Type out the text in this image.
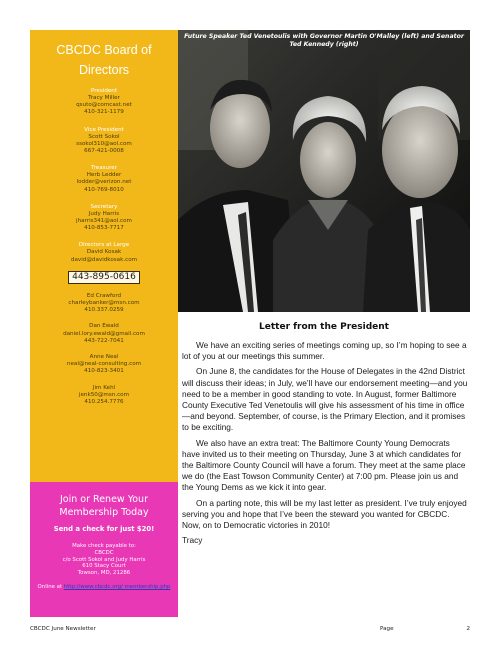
CBCDC Board of Directors
President
Tracy Miller
qsuto@comcast.net
410-321-1179
Vice President
Scott Sokol
ssokol310@aol.com
667-421-0008
Treasurer
Herb Ledder
lodder@verizon.net
410-769-8010
Secretary
Judy Harris
jharris341@aol.com
410-853-7717
Directors at Large
David Kosak
david@davidkosak.com
443-895-0616
Ed Crawford
charleybanker@msn.com
410.337.0259
Dan Ewald
daniel.lory.ewald@gmail.com
443-722-7041
Anne Neal
neal@neal-consulting.com
410-823-3401
Jim Kehl
jenk50@msn.com
410.254.7776
Join or Renew Your Membership Today
Send a check for just $20!
Make check payable to:
CBCDC
c/o Scott Sokol and Judy Harris
610 Stacy Court
Towson, MD, 21286
Online at http://www.cbcdc.org/ membership.php
Future Speaker Ted Venetoulis with Governor Martin O'Malley (left) and Senator Ted Kennedy (right)
Letter from the President

We have an exciting series of meetings coming up, so I’m hoping to see a lot of you at our meetings this summer.

On June 8, the candidates for the House of Delegates in the 42nd District will discuss their ideas; in July, we’ll have our endorsement meeting—and you need to be a member in good standing to vote. In August, former Baltimore County Executive Ted Venetoulis will give his assessment of his time in office—and beyond. September, of course, is the Primary Election, and it promises to be exciting.

We also have an extra treat: The Baltimore County Young Democrats have invited us to their meeting on Thursday, June 3 at which candidates for the Baltimore County Council will have a forum. They meet at the same place we do (the East Towson Community Center) at 7:00 pm. Please join us and the Young Dems as we kick it into gear.

On a parting note, this will be my last letter as president. I’ve truly enjoyed serving you and hope that I’ve been the steward you wanted for CBCDC. Now, on to Democratic victories in 2010!

Tracy

CBCDC June Newsletter	Page	2
